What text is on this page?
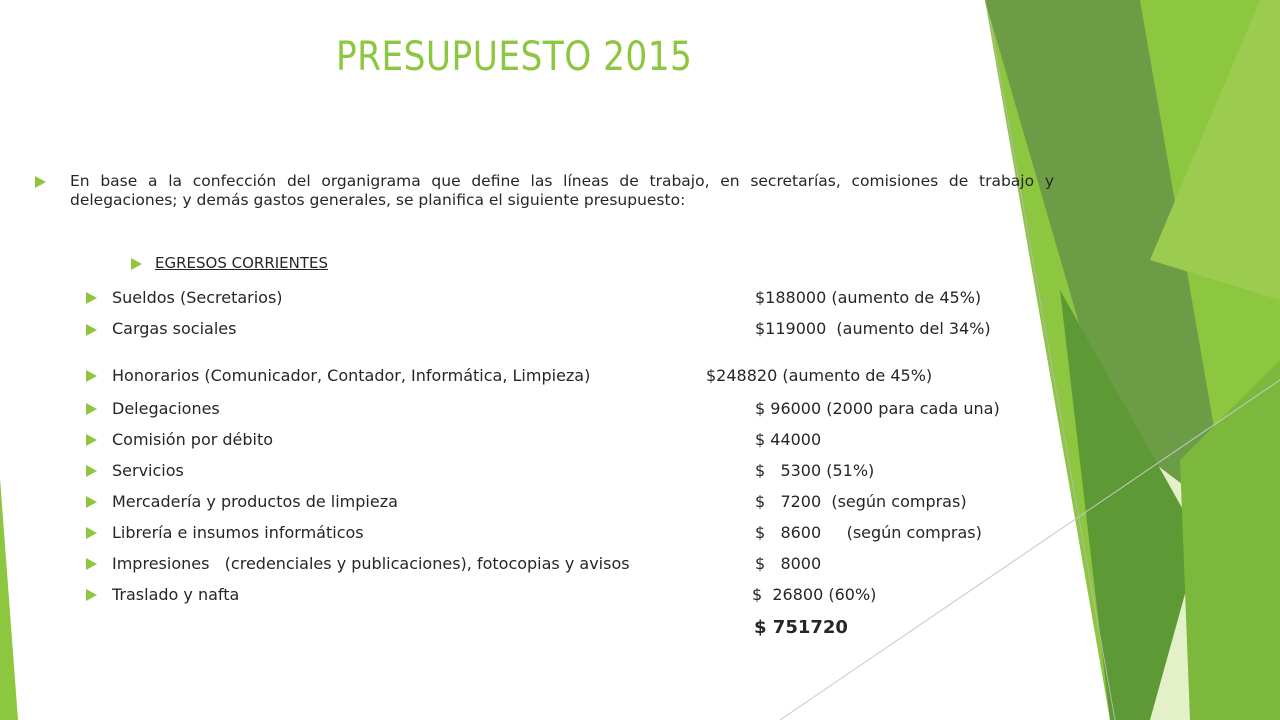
PRESUPUESTO 2015
En base a la confección del organigrama que define las líneas de trabajo, en secretarías, comisiones de trabajo y delegaciones; y demás gastos generales, se planifica el siguiente presupuesto:
EGRESOS CORRIENTES
Sueldos (Secretarios)	$188000 (aumento de 45%)
Cargas sociales	$119000  (aumento del 34%)
Honorarios (Comunicador, Contador, Informática, Limpieza)	$248820 (aumento de 45%)
Delegaciones	$ 96000 (2000 para cada una)
Comisión por débito	$ 44000
Servicios	$   5300 (51%)
Mercadería y productos de limpieza	$   7200  (según compras)
Librería e insumos informáticos	$   8600     (según compras)
Impresiones   (credenciales y publicaciones), fotocopias y avisos	$   8000
Traslado y nafta	$  26800 (60%)
$ 751720
